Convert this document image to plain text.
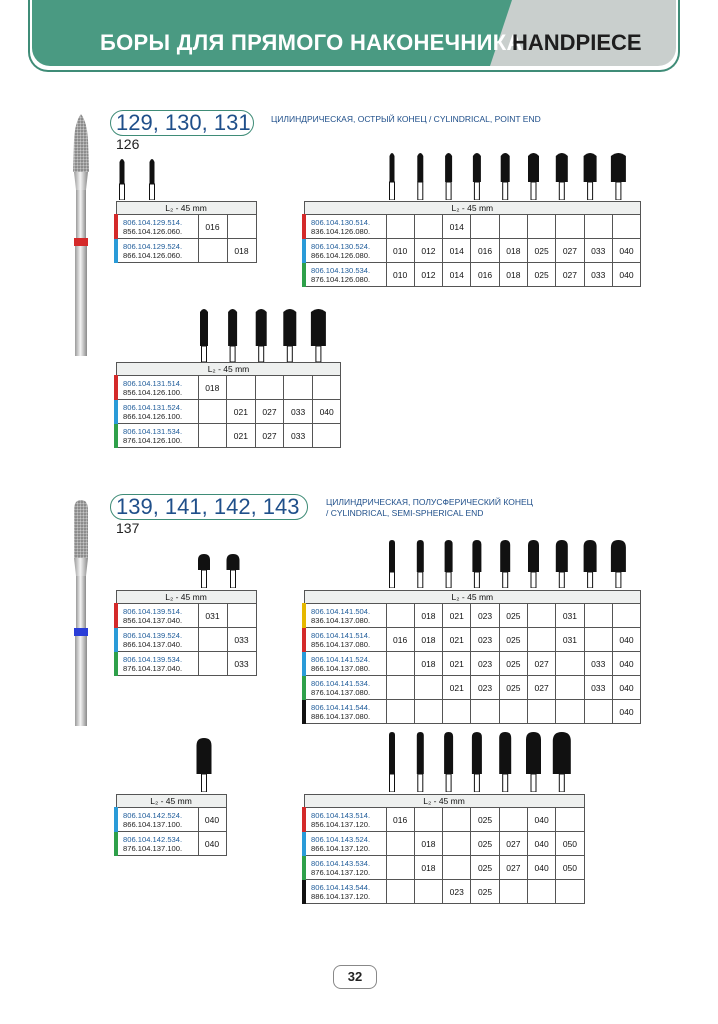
БОРЫ ДЛЯ ПРЯМОГО НАКОНЕЧНИКА
HANDPIECE
129, 130, 131
126
ЦИЛИНДРИЧЕСКАЯ, ОСТРЫЙ КОНЕЦ / CYLINDRICAL, POINT END
L₂ - 45 mm		

806.104.129.514.
856.104.126.060.	016	

806.104.129.524.
866.104.126.060.		018
L₂ - 45 mm									

806.104.130.514.
836.104.126.080.			014						

806.104.130.524.
866.104.126.080.	010	012	014	016	018	025	027	033	040

806.104.130.534.
876.104.126.080.	010	012	014	016	018	025	027	033	040
L₂ - 45 mm					

806.104.131.514.
856.104.126.100.	018				

806.104.131.524.
866.104.126.100.		021	027	033	040

806.104.131.534.
876.104.126.100.		021	027	033	
139, 141, 142, 143
137
ЦИЛИНДРИЧЕСКАЯ, ПОЛУСФЕРИЧЕСКИЙ КОНЕЦ
/ CYLINDRICAL, SEMI-SPHERICAL END
L₂ - 45 mm		

806.104.139.514.
856.104.137.040.	031	

806.104.139.524.
866.104.137.040.		033

806.104.139.534.
876.104.137.040.		033
L₂ - 45 mm									

806.104.141.504.
836.104.137.080.		018	021	023	025		031		

806.104.141.514.
856.104.137.080.	016	018	021	023	025		031		040

806.104.141.524.
866.104.137.080.		018	021	023	025	027		033	040

806.104.141.534.
876.104.137.080.			021	023	025	027		033	040

806.104.141.544.
886.104.137.080.									040
L₂ - 45 mm	

806.104.142.524.
866.104.137.100.	040

806.104.142.534.
876.104.137.100.	040
L₂ - 45 mm							

806.104.143.514.
856.104.137.120.	016			025		040	

806.104.143.524.
866.104.137.120.		018		025	027	040	050

806.104.143.534.
876.104.137.120.		018		025	027	040	050

806.104.143.544.
886.104.137.120.			023	025			
32
